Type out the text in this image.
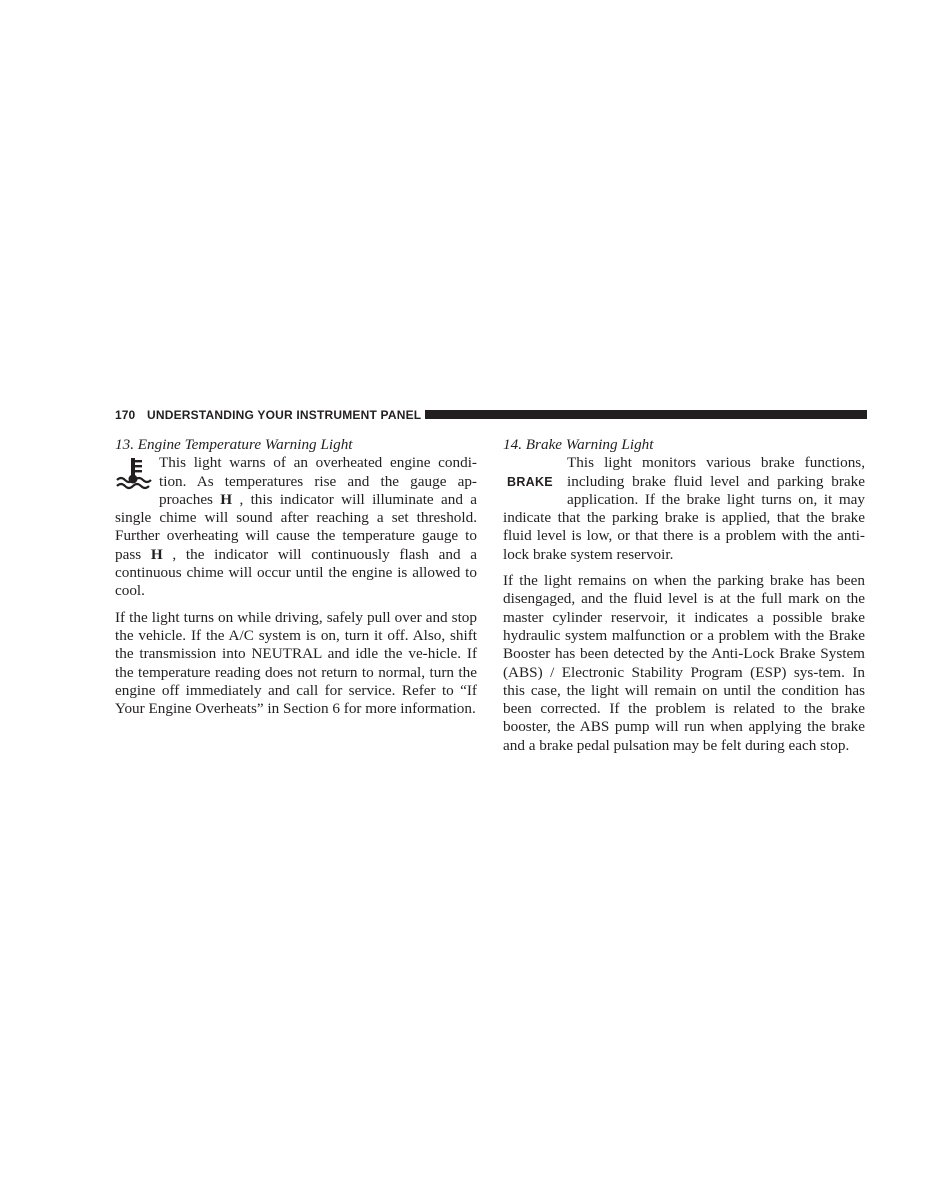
170 UNDERSTANDING YOUR INSTRUMENT PANEL
13. Engine Temperature Warning Light

This light warns of an overheated engine condi- tion. As temperatures rise and the gauge ap- proaches H , this indicator will illuminate and a single chime will sound after reaching a set threshold. Further overheating will cause the temperature gauge to pass H , the indicator will continuously flash and a continuous chime will occur until the engine is allowed to cool.

If the light turns on while driving, safely pull over and stop the vehicle. If the A/C system is on, turn it off. Also, shift the transmission into NEUTRAL and idle the ve-hicle. If the temperature reading does not return to normal, turn the engine off immediately and call for service. Refer to “If Your Engine Overheats” in Section 6 for more information.

14. Brake Warning Light

BRAKE
This light monitors various brake functions, including brake fluid level and parking brake application. If the brake light turns on, it may indicate that the parking brake is applied, that the brake fluid level is low, or that there is a problem with the anti-lock brake system reservoir.

If the light remains on when the parking brake has been disengaged, and the fluid level is at the full mark on the master cylinder reservoir, it indicates a possible brake hydraulic system malfunction or a problem with the Brake Booster has been detected by the Anti-Lock Brake System (ABS) / Electronic Stability Program (ESP) sys-tem. In this case, the light will remain on until the condition has been corrected. If the problem is related to the brake booster, the ABS pump will run when applying the brake and a brake pedal pulsation may be felt during each stop.
